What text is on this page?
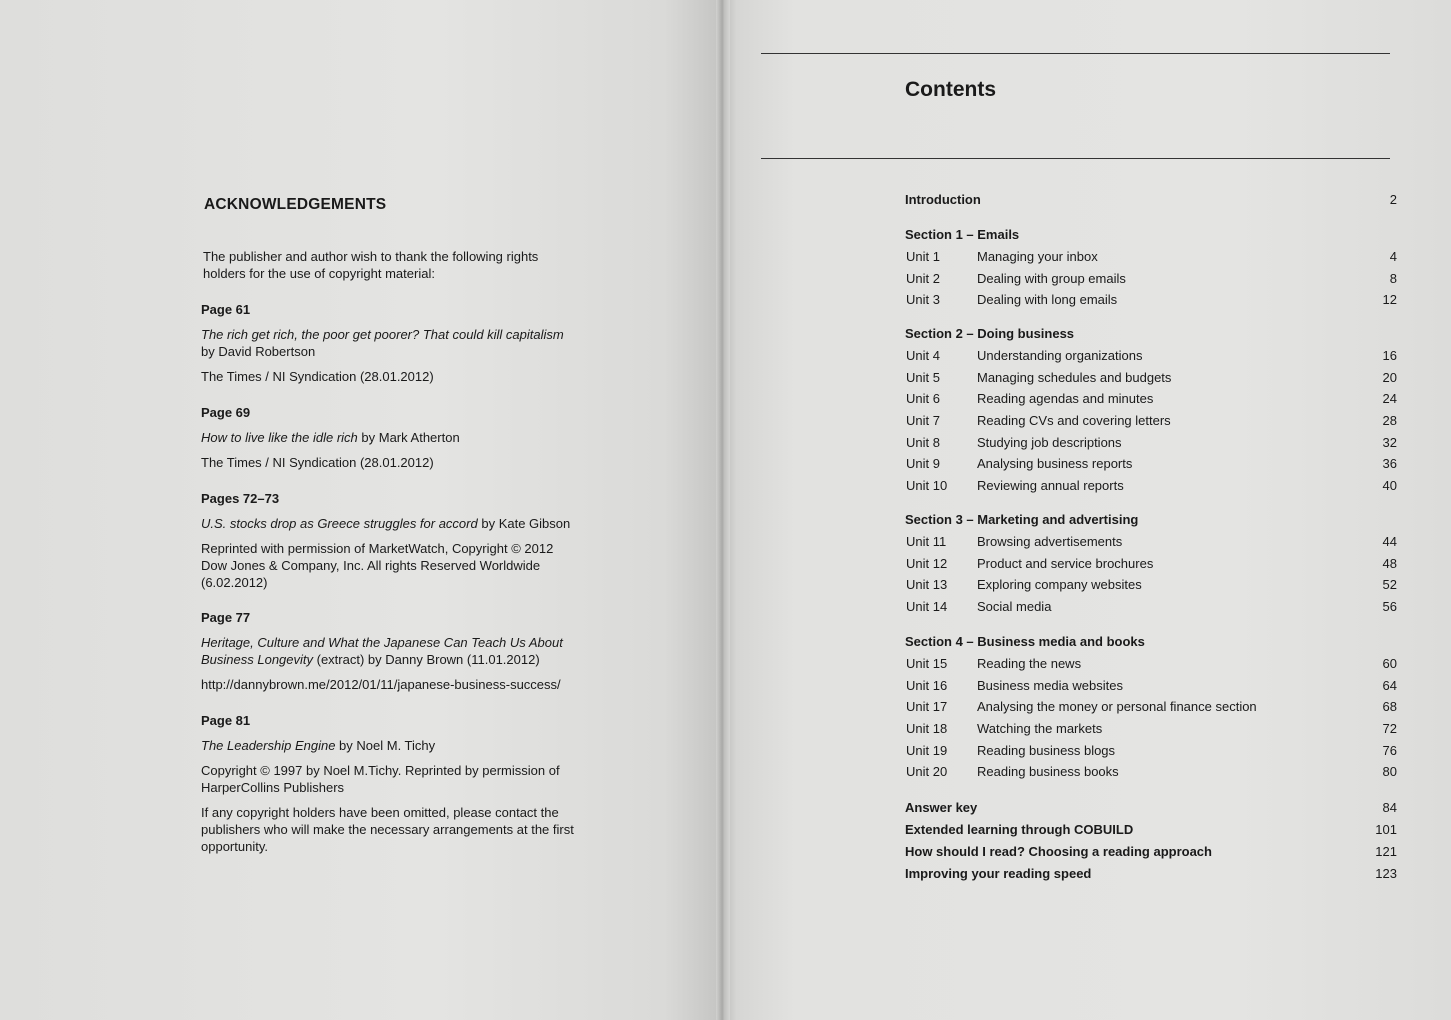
ACKNOWLEDGEMENTS
The publisher and author wish to thank the following rights holders for the use of copyright material:
Page 61
The rich get rich, the poor get poorer? That could kill capitalism
by David Robertson
The Times / NI Syndication (28.01.2012)
Page 69
How to live like the idle rich by Mark Atherton
The Times / NI Syndication (28.01.2012)
Pages 72–73
U.S. stocks drop as Greece struggles for accord by Kate Gibson
Reprinted with permission of MarketWatch, Copyright © 2012 Dow Jones & Company, Inc. All rights Reserved Worldwide (6.02.2012)
Page 77
Heritage, Culture and What the Japanese Can Teach Us About Business Longevity (extract) by Danny Brown (11.01.2012)
http://dannybrown.me/2012/01/11/japanese-business-success/
Page 81
The Leadership Engine by Noel M. Tichy
Copyright © 1997 by Noel M.Tichy. Reprinted by permission of HarperCollins Publishers
If any copyright holders have been omitted, please contact the publishers who will make the necessary arrangements at the first opportunity.
Contents
Introduction	2
Section 1 – Emails
Unit 1	Managing your inbox	4
Unit 2	Dealing with group emails	8
Unit 3	Dealing with long emails	12
Section 2 – Doing business
Unit 4	Understanding organizations	16
Unit 5	Managing schedules and budgets	20
Unit 6	Reading agendas and minutes	24
Unit 7	Reading CVs and covering letters	28
Unit 8	Studying job descriptions	32
Unit 9	Analysing business reports	36
Unit 10 Reviewing annual reports	40
Section 3 – Marketing and advertising
Unit 11 Browsing advertisements	44
Unit 12 Product and service brochures	48
Unit 13 Exploring company websites	52
Unit 14 Social media	56
Section 4 – Business media and books
Unit 15 Reading the news	60
Unit 16 Business media websites	64
Unit 17 Analysing the money or personal finance section	68
Unit 18 Watching the markets	72
Unit 19 Reading business blogs	76
Unit 20 Reading business books	80
Answer key	84
Extended learning through COBUILD	101
How should I read? Choosing a reading approach	121
Improving your reading speed	123
